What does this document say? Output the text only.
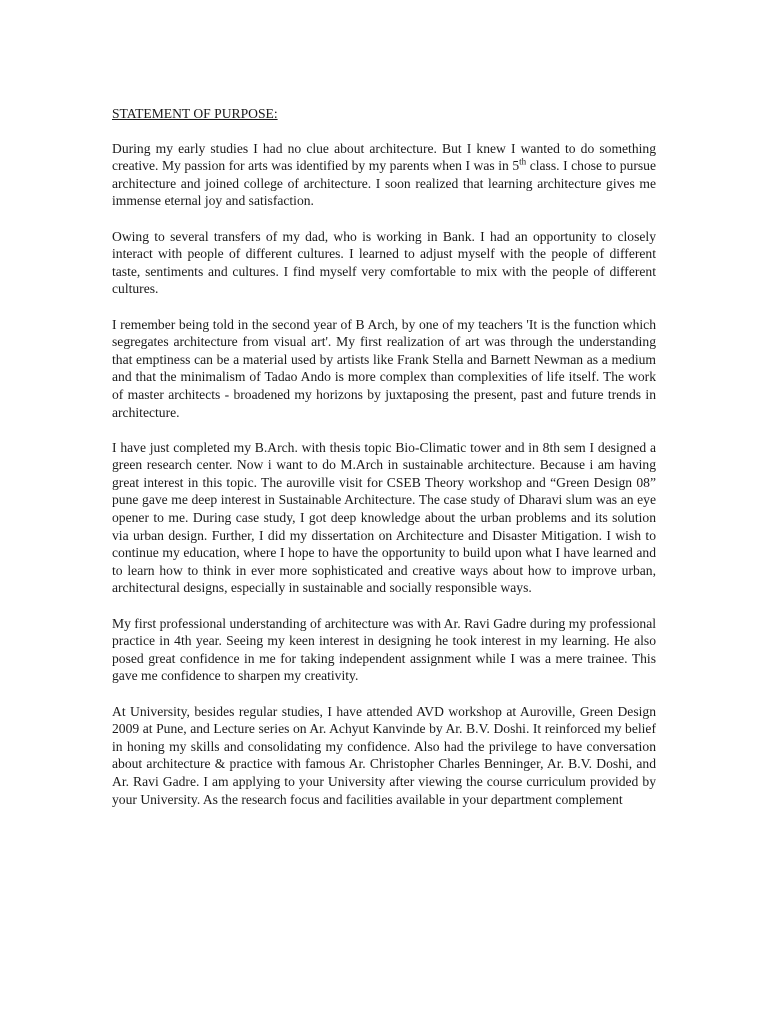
STATEMENT OF PURPOSE:

During my early studies I had no clue about architecture. But I knew I wanted to do something creative. My passion for arts was identified by my parents when I was in 5th class. I chose to pursue architecture and joined college of architecture. I soon realized that learning architecture gives me immense eternal joy and satisfaction.

Owing to several transfers of my dad, who is working in Bank. I had an opportunity to closely interact with people of different cultures. I learned to adjust myself with the people of different taste, sentiments and cultures. I find myself very comfortable to mix with the people of different cultures.

I remember being told in the second year of B Arch, by one of my teachers 'It is the function which segregates architecture from visual art'. My first realization of art was through the understanding that emptiness can be a material used by artists like Frank Stella and Barnett Newman as a medium and that the minimalism of Tadao Ando is more complex than complexities of life itself. The work of master architects - broadened my horizons by juxtaposing the present, past and future trends in architecture.

I have just completed my B.Arch. with thesis topic Bio-Climatic tower and in 8th sem I designed a green research center. Now i want to do M.Arch in sustainable architecture. Because i am having great interest in this topic. The auroville visit for CSEB Theory workshop and “Green Design 08” pune gave me deep interest in Sustainable Architecture. The case study of Dharavi slum was an eye opener to me. During case study, I got deep knowledge about the urban problems and its solution via urban design. Further, I did my dissertation on Architecture and Disaster Mitigation. I wish to continue my education, where I hope to have the opportunity to build upon what I have learned and to learn how to think in ever more sophisticated and creative ways about how to improve urban, architectural designs, especially in sustainable and socially responsible ways.

My first professional understanding of architecture was with Ar. Ravi Gadre during my professional practice in 4th year. Seeing my keen interest in designing he took interest in my learning. He also posed great confidence in me for taking independent assignment while I was a mere trainee. This gave me confidence to sharpen my creativity.

At University, besides regular studies, I have attended AVD workshop at Auroville, Green Design 2009 at Pune, and Lecture series on Ar. Achyut Kanvinde by Ar. B.V. Doshi. It reinforced my belief in honing my skills and consolidating my confidence. Also had the privilege to have conversation about architecture & practice with famous Ar. Christopher Charles Benninger, Ar. B.V. Doshi, and Ar. Ravi Gadre. I am applying to your University after viewing the course curriculum provided by your University. As the research focus and facilities available in your department complement
